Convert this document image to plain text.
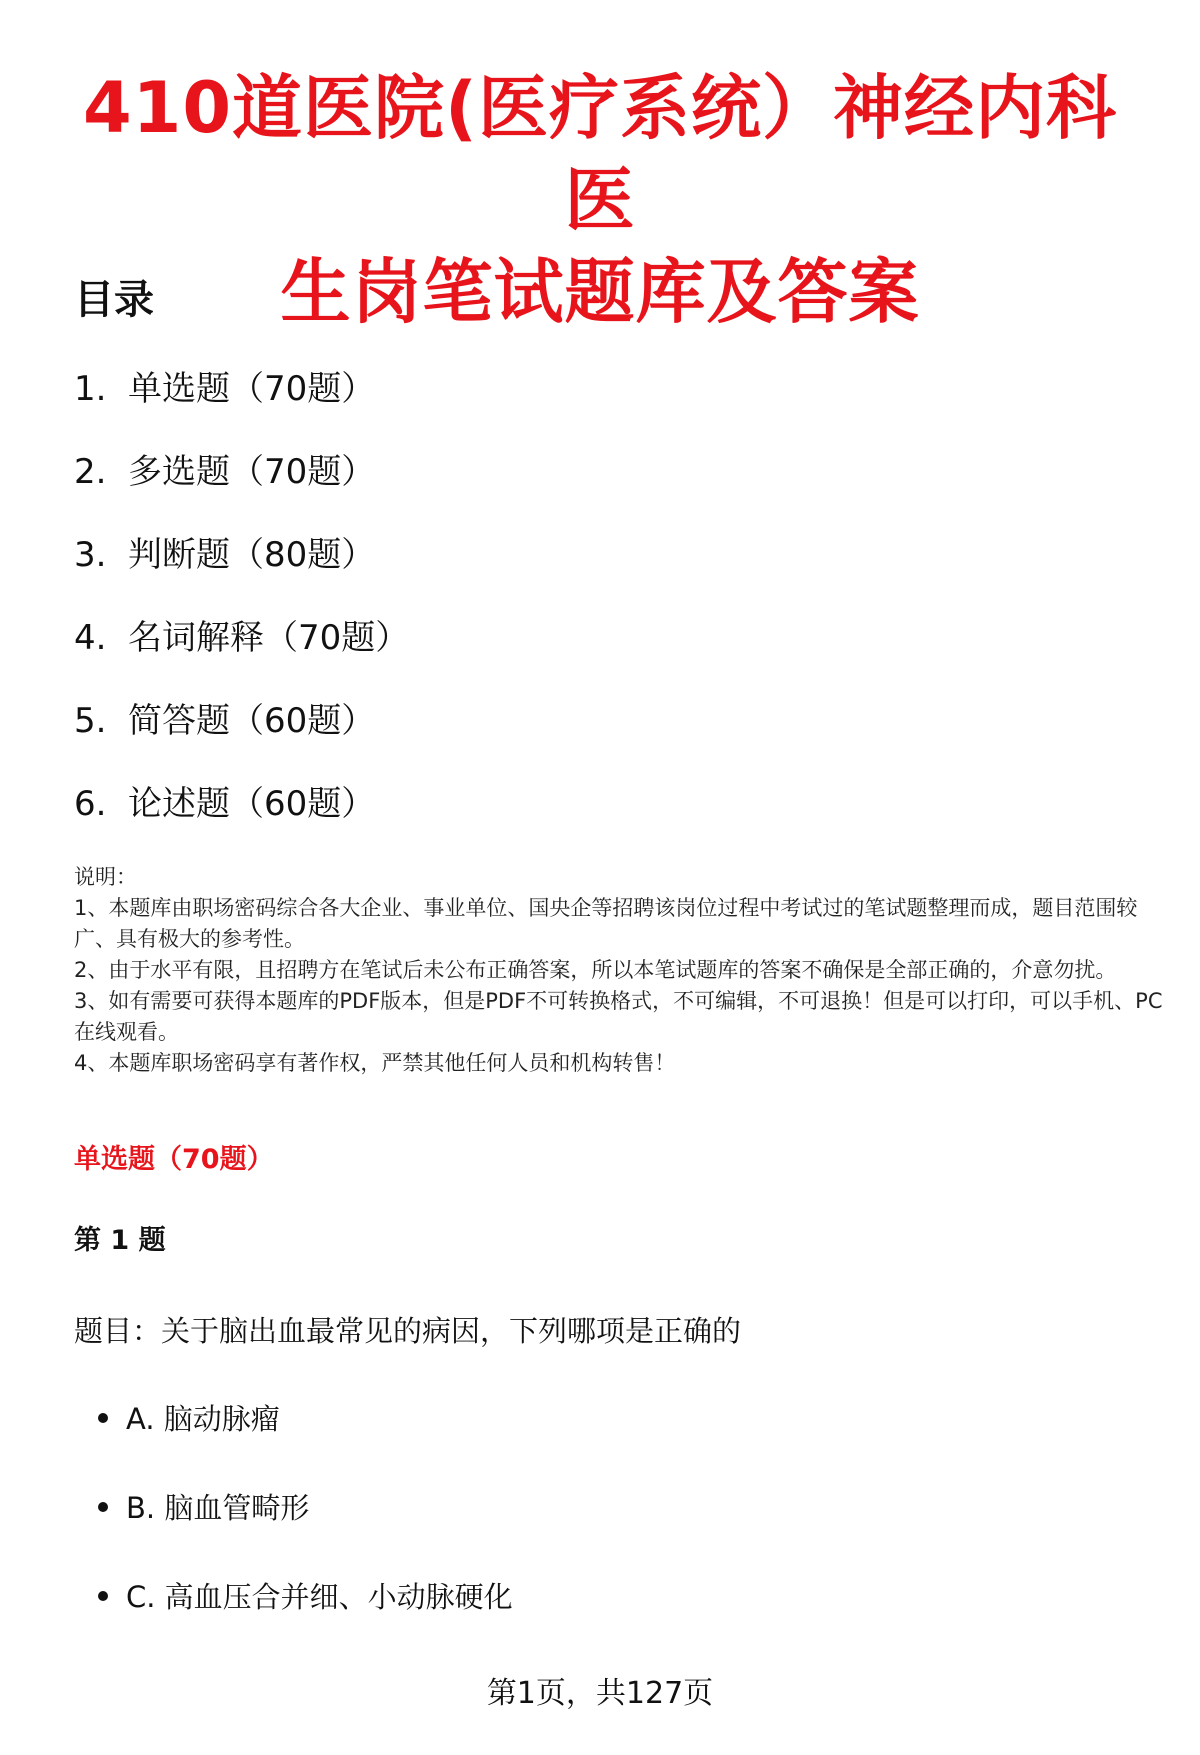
410道医院(医疗系统）神经内科医
生岗笔试题库及答案
目录
1. 单选题（70题）
2. 多选题（70题）
3. 判断题（80题）
4. 名词解释（70题）
5. 简答题（60题）
6. 论述题（60题）

说明：

1、本题库由职场密码综合各大企业、事业单位、国央企等招聘该岗位过程中考试过的笔试题整理而成，题目范围较广、具有极大的参考性。

2、由于水平有限，且招聘方在笔试后未公布正确答案，所以本笔试题库的答案不确保是全部正确的，介意勿扰。

3、如有需要可获得本题库的PDF版本，但是PDF不可转换格式，不可编辑，不可退换！但是可以打印，可以手机、PC在线观看。

4、本题库职场密码享有著作权，严禁其他任何人员和机构转售！

单选题（70题）
第 1 题

题目：关于脑出血最常见的病因，下列哪项是正确的

A. 脑动脉瘤
B. 脑血管畸形
C. 高血压合并细、小动脉硬化
第1页，共127页
